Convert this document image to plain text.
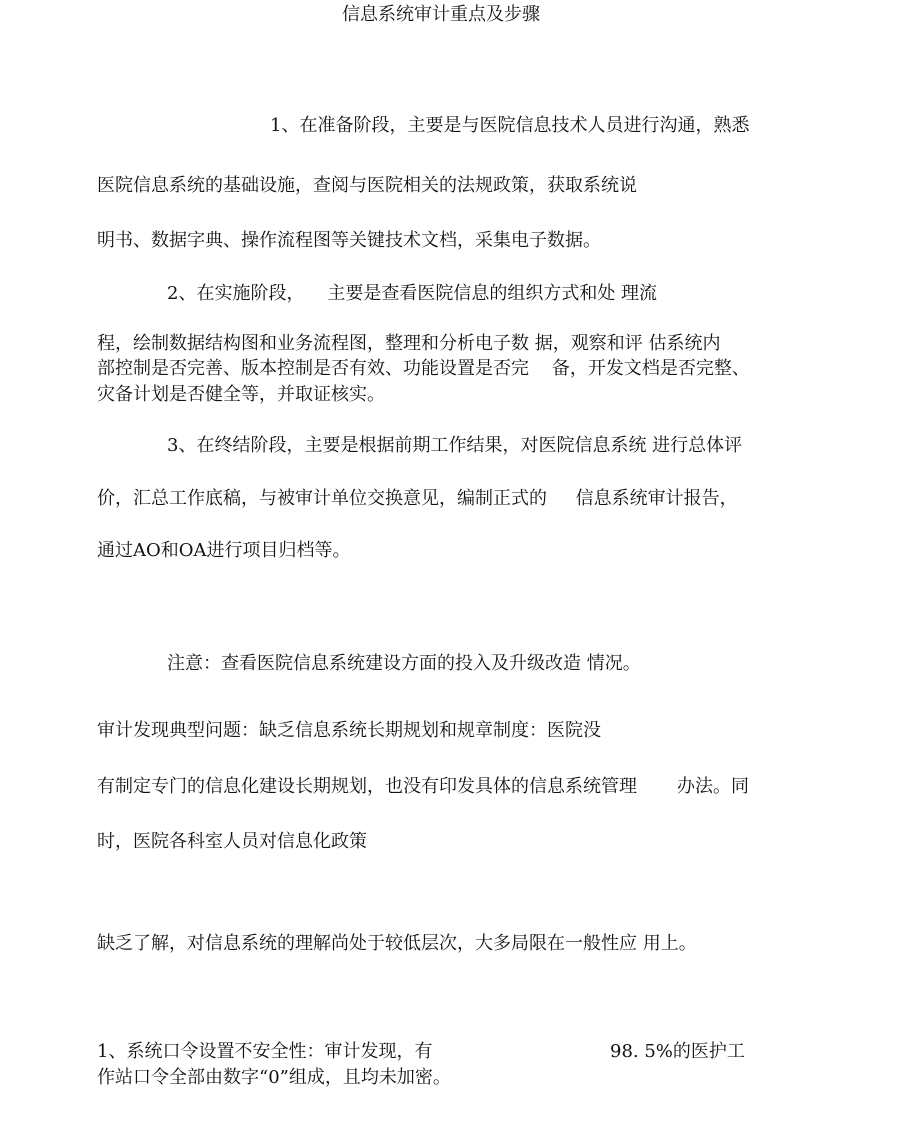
信息系统审计重点及步骤

1、在准备阶段，主要是与医院信息技术人员进行沟通，熟悉

医院信息系统的基础设施，查阅与医院相关的法规政策，获取系统说

明书、数据字典、操作流程图等关键技术文档，采集电子数据。

2、在实施阶段，    主要是查看医院信息的组织方式和处 理流

程，绘制数据结构图和业务流程图，整理和分析电子数 据，观察和评 估系统内

部控制是否完善、版本控制是否有效、功能设置是否完    备，开发文档是否完整、

灾备计划是否健全等，并取证核实。

3、在终结阶段，主要是根据前期工作结果，对医院信息系统 进行总体评

价，汇总工作底稿，与被审计单位交换意见，编制正式的     信息系统审计报告，

通过AO和OA进行项目归档等。

注意：查看医院信息系统建设方面的投入及升级改造 情况。

审计发现典型问题：缺乏信息系统长期规划和规章制度：医院没

有制定专门的信息化建设长期规划，也没有印发具体的信息系统管理       办法。同

时，医院各科室人员对信息化政策

缺乏了解，对信息系统的理解尚处于较低层次，大多局限在一般性应 用上。

1、系统口令设置不安全性：审计发现，有	98. 5%的医护工

作站口令全部由数字“0”组成，且均未加密。
